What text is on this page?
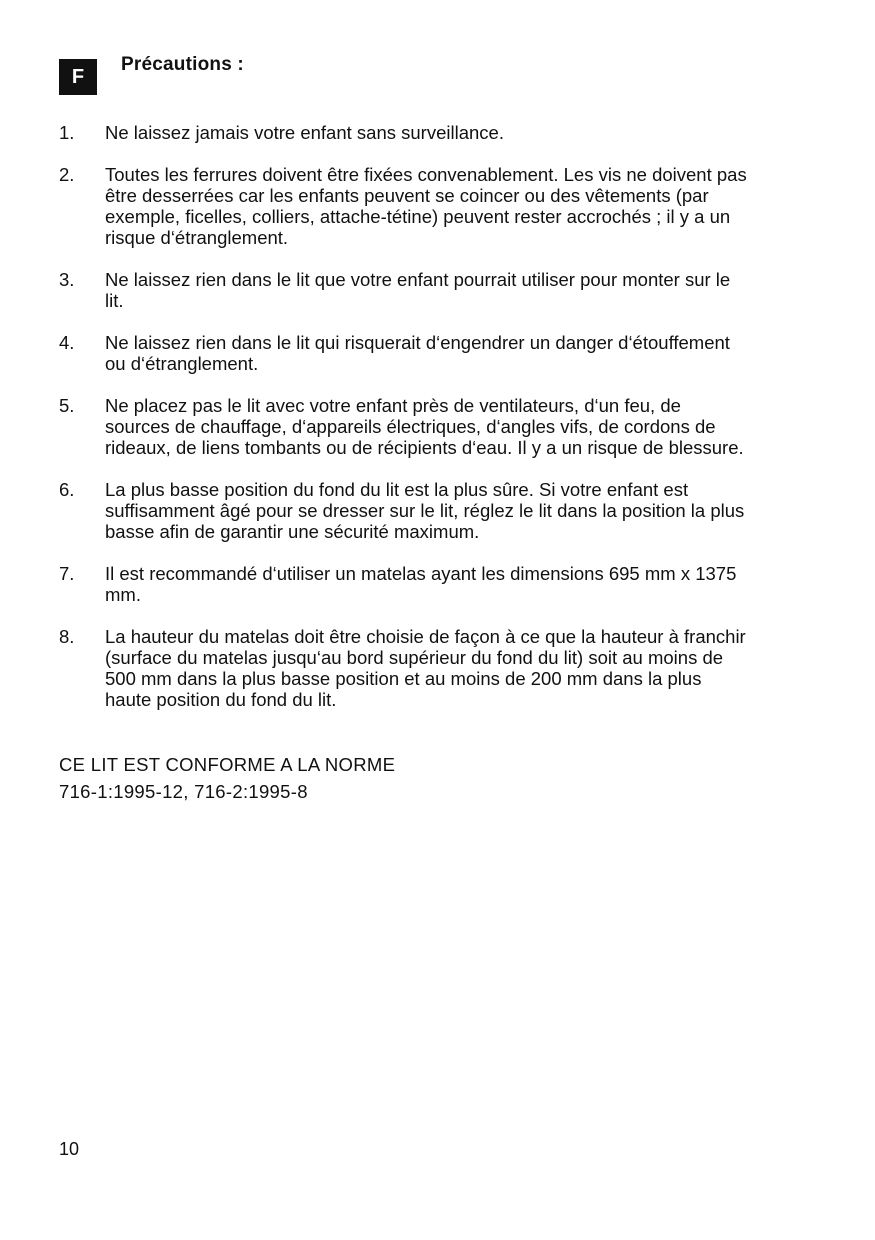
F
Précautions :
1.	Ne laissez jamais votre enfant sans surveillance.
2.	Toutes les ferrures doivent être fixées convenablement. Les vis ne doivent pas être desserrées car les enfants peuvent se coincer ou des vêtements (par exemple, ficelles, colliers, attache-tétine) peuvent rester accrochés ; il y a un risque d‘étranglement.
3.	Ne laissez rien dans le lit que votre enfant pourrait utiliser pour monter sur le lit.
4.	Ne laissez rien dans le lit qui risquerait d‘engendrer un danger d‘étouffement ou d‘étranglement.
5.	Ne placez pas le lit avec votre enfant près de ventilateurs, d‘un feu, de sources de chauffage, d‘appareils électriques, d‘angles vifs, de cordons de rideaux, de liens tombants ou de récipients d‘eau. Il y a un risque de blessure.
6.	La plus basse position du fond du lit est la plus sûre. Si votre enfant est suffisamment âgé pour se dresser sur le lit, réglez le lit dans la position la plus basse afin de garantir une sécurité maximum.
7.	Il est recommandé d‘utiliser un matelas ayant les dimensions 695 mm x 1375 mm.
8.	La hauteur du matelas doit être choisie de façon à ce que la hauteur à franchir (surface du matelas jusqu‘au bord supérieur du fond du lit) soit au moins de 500 mm dans la plus basse position et au moins de 200 mm dans la plus haute position du fond du lit.
CE LIT EST CONFORME A LA NORME
716-1:1995-12, 716-2:1995-8
10
